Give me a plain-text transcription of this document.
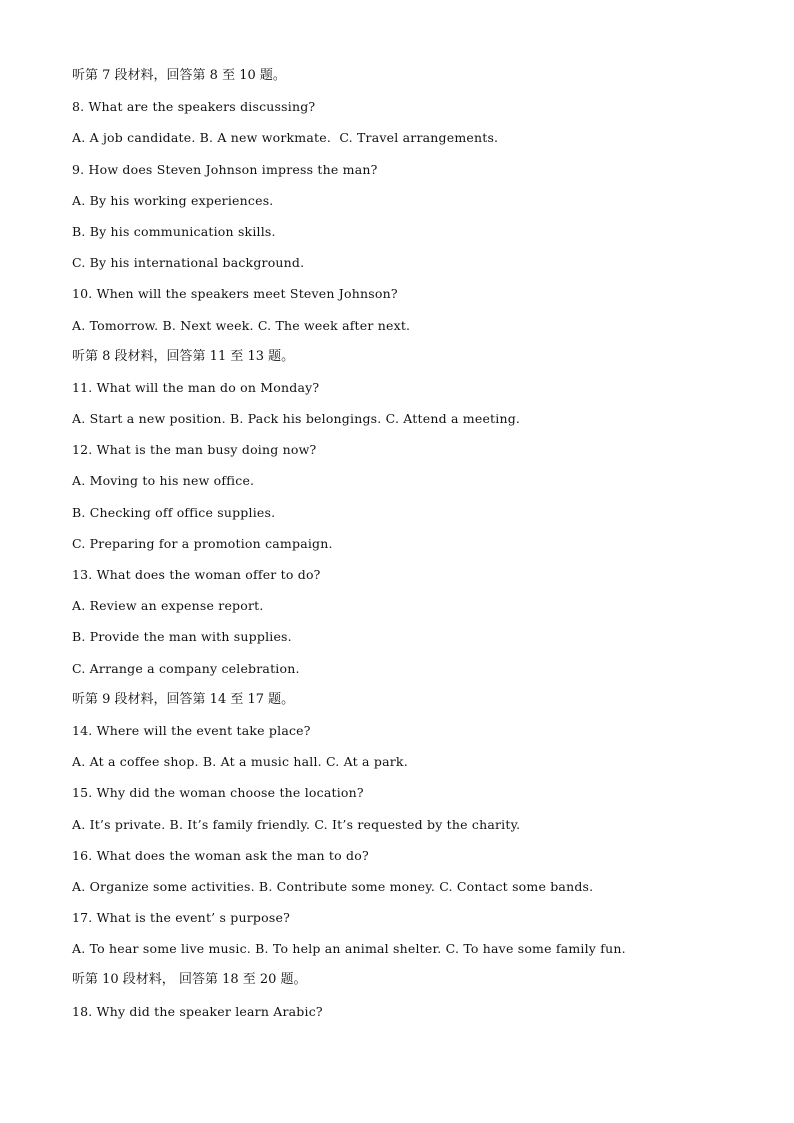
听第 7 段材料，回答第 8 至 10 题。
8. What are the speakers discussing?
A. A job candidate. B. A new workmate.  C. Travel arrangements.
9. How does Steven Johnson impress the man?
A. By his working experiences.
B. By his communication skills.
C. By his international background.
10. When will the speakers meet Steven Johnson?
A. Tomorrow. B. Next week. C. The week after next.
听第 8 段材料，回答第 11 至 13 题。
11. What will the man do on Monday?
A. Start a new position. B. Pack his belongings. C. Attend a meeting.
12. What is the man busy doing now?
A. Moving to his new office.
B. Checking off office supplies.
C. Preparing for a promotion campaign.
13. What does the woman offer to do?
A. Review an expense report.
B. Provide the man with supplies.
C. Arrange a company celebration.
听第 9 段材料，回答第 14 至 17 题。
14. Where will the event take place?
A. At a coffee shop. B. At a music hall. C. At a park.
15. Why did the woman choose the location?
A. It’s private. B. It’s family friendly. C. It’s requested by the charity.
16. What does the woman ask the man to do?
A. Organize some activities. B. Contribute some money. C. Contact some bands.
17. What is the event’ s purpose?
A. To hear some live music. B. To help an animal shelter. C. To have some family fun.
听第 10 段材料， 回答第 18 至 20 题。
18. Why did the speaker learn Arabic?
